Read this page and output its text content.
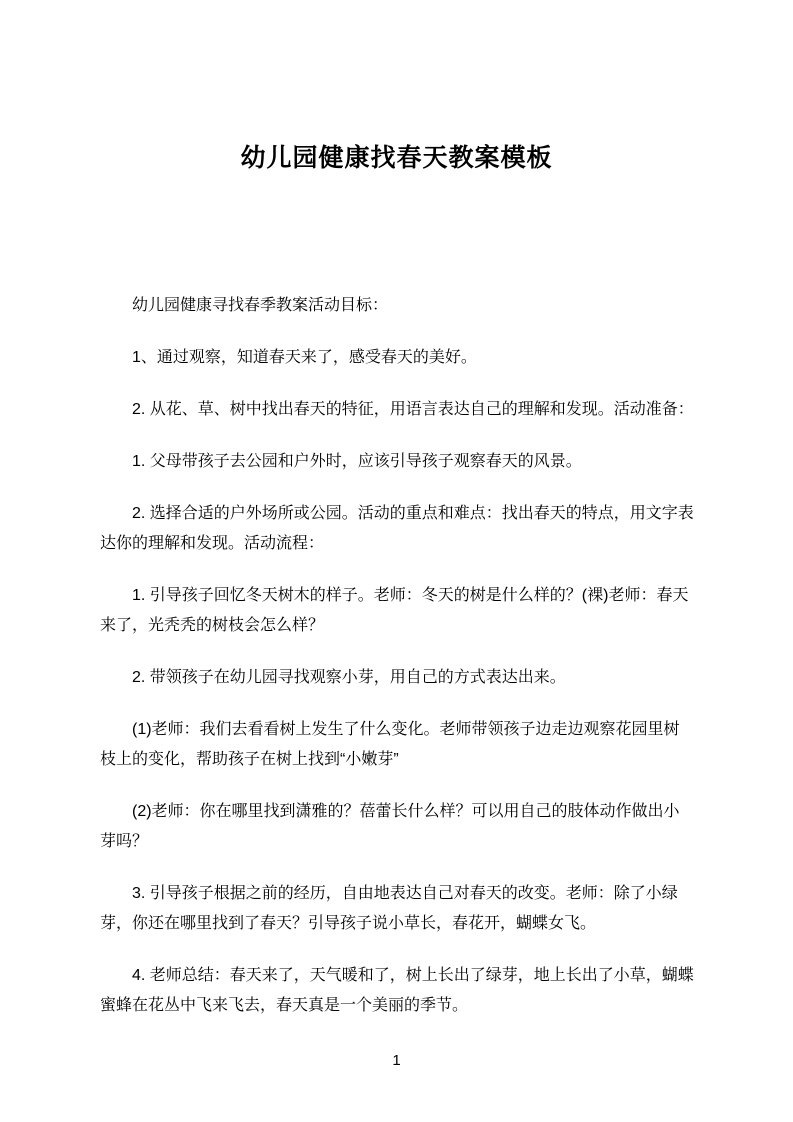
幼儿园健康找春天教案模板

幼儿园健康寻找春季教案活动目标：

1、通过观察，知道春天来了，感受春天的美好。

2. 从花、草、树中找出春天的特征，用语言表达自己的理解和发现。活动准备：

1. 父母带孩子去公园和户外时，应该引导孩子观察春天的风景。

2. 选择合适的户外场所或公园。活动的重点和难点：找出春天的特点，用文字表达你的理解和发现。活动流程：

1. 引导孩子回忆冬天树木的样子。老师：冬天的树是什么样的？(裸)老师：春天来了，光秃秃的树枝会怎么样？

2. 带领孩子在幼儿园寻找观察小芽，用自己的方式表达出来。

(1)老师：我们去看看树上发生了什么变化。老师带领孩子边走边观察花园里树枝上的变化，帮助孩子在树上找到“小嫩芽”

(2)老师：你在哪里找到潇雅的？蓓蕾长什么样？可以用自己的肢体动作做出小芽吗？

3. 引导孩子根据之前的经历，自由地表达自己对春天的改变。老师：除了小绿芽，你还在哪里找到了春天？引导孩子说小草长，春花开，蝴蝶女飞。

4. 老师总结：春天来了，天气暖和了，树上长出了绿芽，地上长出了小草，蝴蝶蜜蜂在花丛中飞来飞去，春天真是一个美丽的季节。

1
